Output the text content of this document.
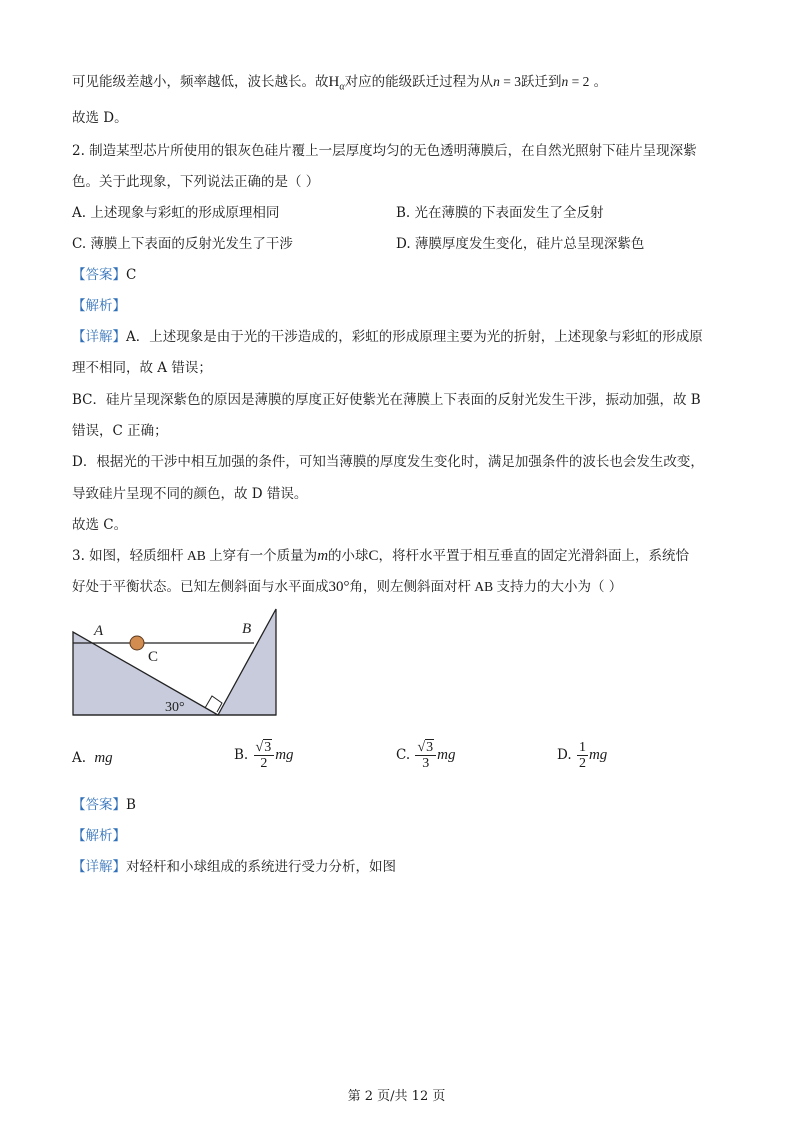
可见能级差越小，频率越低，波长越长。故$H_\alpha$对应的能级跃迁过程为从n = 3跃迁到n = 2 。
故选 D。
2. 制造某型芯片所使用的银灰色硅片覆上一层厚度均匀的无色透明薄膜后，在自然光照射下硅片呈现深紫
色。关于此现象，下列说法正确的是（ ）
A. 上述现象与彩虹的形成原理相同	B. 光在薄膜的下表面发生了全反射
C. 薄膜上下表面的反射光发生了干涉	D. 薄膜厚度发生变化，硅片总呈现深紫色
【答案】C
【解析】
【详解】A．上述现象是由于光的干涉造成的，彩虹的形成原理主要为光的折射，上述现象与彩虹的形成原
理不相同，故 A 错误；
BC．硅片呈现深紫色的原因是薄膜的厚度正好使紫光在薄膜上下表面的反射光发生干涉，振动加强，故 B
错误，C 正确；
D．根据光的干涉中相互加强的条件，可知当薄膜的厚度发生变化时，满足加强条件的波长也会发生改变，
导致硅片呈现不同的颜色，故 D 错误。
故选 C。
3. 如图，轻质细杆 AB 上穿有一个质量为m的小球C，将杆水平置于相互垂直的固定光滑斜面上，系统恰
好处于平衡状态。已知左侧斜面与水平面成30°角，则左侧斜面对杆 AB 支持力的大小为（ ）
A	B
C
30°
A. mg	B. $\frac{√3}{2}$ mg	C. $\frac{√3}{3}$ mg	D. $\frac{1}{2}$ mg
【答案】B
【解析】
【详解】对轻杆和小球组成的系统进行受力分析，如图
第 2 页/共 12 页
